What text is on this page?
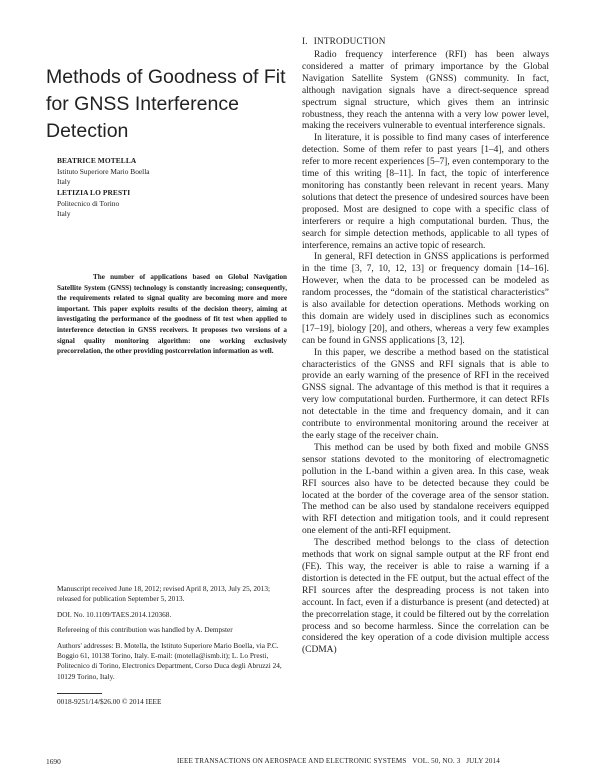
Methods of Goodness of Fit for GNSS Interference Detection
BEATRICE MOTELLA
Istituto Superiore Mario Boella
Italy
LETIZIA LO PRESTI
Politecnico di Torino
Italy

The number of applications based on Global Navigation Satellite System (GNSS) technology is constantly increasing; consequently, the requirements related to signal quality are becoming more and more important. This paper exploits results of the decision theory, aiming at investigating the performance of the goodness of fit test when applied to interference detection in GNSS receivers. It proposes two versions of a signal quality monitoring algorithm: one working exclusively precorrelation, the other providing postcorrelation information as well.

Manuscript received June 18, 2012; revised April 8, 2013, July 25, 2013; released for publication September 5, 2013.

DOI. No. 10.1109/TAES.2014.120368.

Refereeing of this contribution was handled by A. Dempster

Authors' addresses: B. Motella, the Istituto Superiore Mario Boella, via P.C. Boggio 61, 10138 Torino, Italy. E-mail: (motella@ismb.it); L. Lo Presti, Politecnico di Torino, Electronics Department, Corso Duca degli Abruzzi 24, 10129 Torino, Italy.

0018-9251/14/$26.00 © 2014 IEEE
I. INTRODUCTION

Radio frequency interference (RFI) has been always considered a matter of primary importance by the Global Navigation Satellite System (GNSS) community. In fact, although navigation signals have a direct-sequence spread spectrum signal structure, which gives them an intrinsic robustness, they reach the antenna with a very low power level, making the receivers vulnerable to eventual interference signals.

In literature, it is possible to find many cases of interference detection. Some of them refer to past years [1–4], and others refer to more recent experiences [5–7], even contemporary to the time of this writing [8–11]. In fact, the topic of interference monitoring has constantly been relevant in recent years. Many solutions that detect the presence of undesired sources have been proposed. Most are designed to cope with a specific class of interferers or require a high computational burden. Thus, the search for simple detection methods, applicable to all types of interference, remains an active topic of research.

In general, RFI detection in GNSS applications is performed in the time [3, 7, 10, 12, 13] or frequency domain [14–16]. However, when the data to be processed can be modeled as random processes, the “domain of the statistical characteristics” is also available for detection operations. Methods working on this domain are widely used in disciplines such as economics [17–19], biology [20], and others, whereas a very few examples can be found in GNSS applications [3, 12].

In this paper, we describe a method based on the statistical characteristics of the GNSS and RFI signals that is able to provide an early warning of the presence of RFI in the received GNSS signal. The advantage of this method is that it requires a very low computational burden. Furthermore, it can detect RFIs not detectable in the time and frequency domain, and it can contribute to environmental monitoring around the receiver at the early stage of the receiver chain.

This method can be used by both fixed and mobile GNSS sensor stations devoted to the monitoring of electromagnetic pollution in the L-band within a given area. In this case, weak RFI sources also have to be detected because they could be located at the border of the coverage area of the sensor station. The method can be also used by standalone receivers equipped with RFI detection and mitigation tools, and it could represent one element of the anti-RFI equipment.

The described method belongs to the class of detection methods that work on signal sample output at the RF front end (FE). This way, the receiver is able to raise a warning if a distortion is detected in the FE output, but the actual effect of the RFI sources after the despreading process is not taken into account. In fact, even if a disturbance is present (and detected) at the precorrelation stage, it could be filtered out by the correlation process and so become harmless. Since the correlation can be considered the key operation of a code division multiple access (CDMA)

1690	IEEE TRANSACTIONS ON AEROSPACE AND ELECTRONIC SYSTEMS VOL. 50, NO. 3 JULY 2014
